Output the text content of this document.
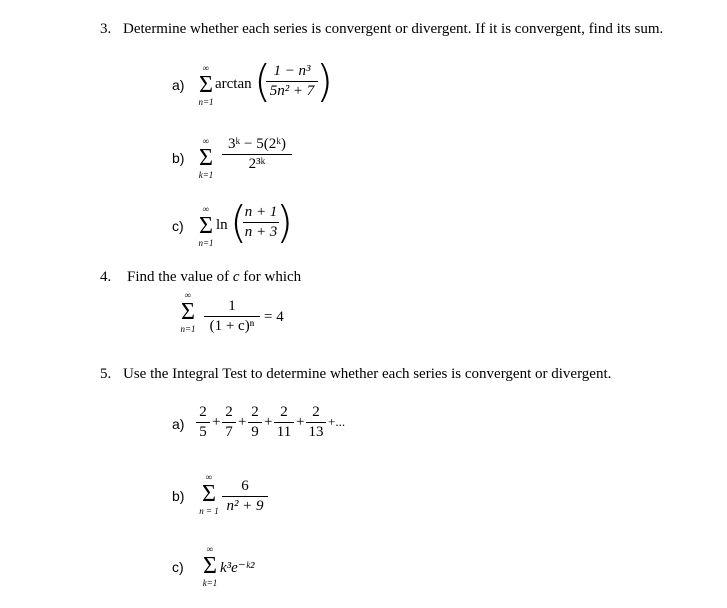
3. Determine whether each series is convergent or divergent. If it is convergent, find its sum.
a)
∞
Σ
n=1
arctan ( 1 − n³
5n² + 7 )
b)
∞
Σ
k=1
3ᵏ − 5(2ᵏ)
2³ᵏ
c)
∞
Σ
n=1
ln (
n + 1
n + 3
)
4. Find the value of c for which
∞
Σ
n=1
1
(1 + c)ⁿ
= 4
5. Use the Integral Test to determine whether each series is convergent or divergent.
a)
2
5
+
2
7
+
2
9
+
2
11
+
2
13
+...
b)
∞
Σ
n = 1
6
n² + 9
c)
∞
Σ
k=1
k³e⁻ᵏ²
